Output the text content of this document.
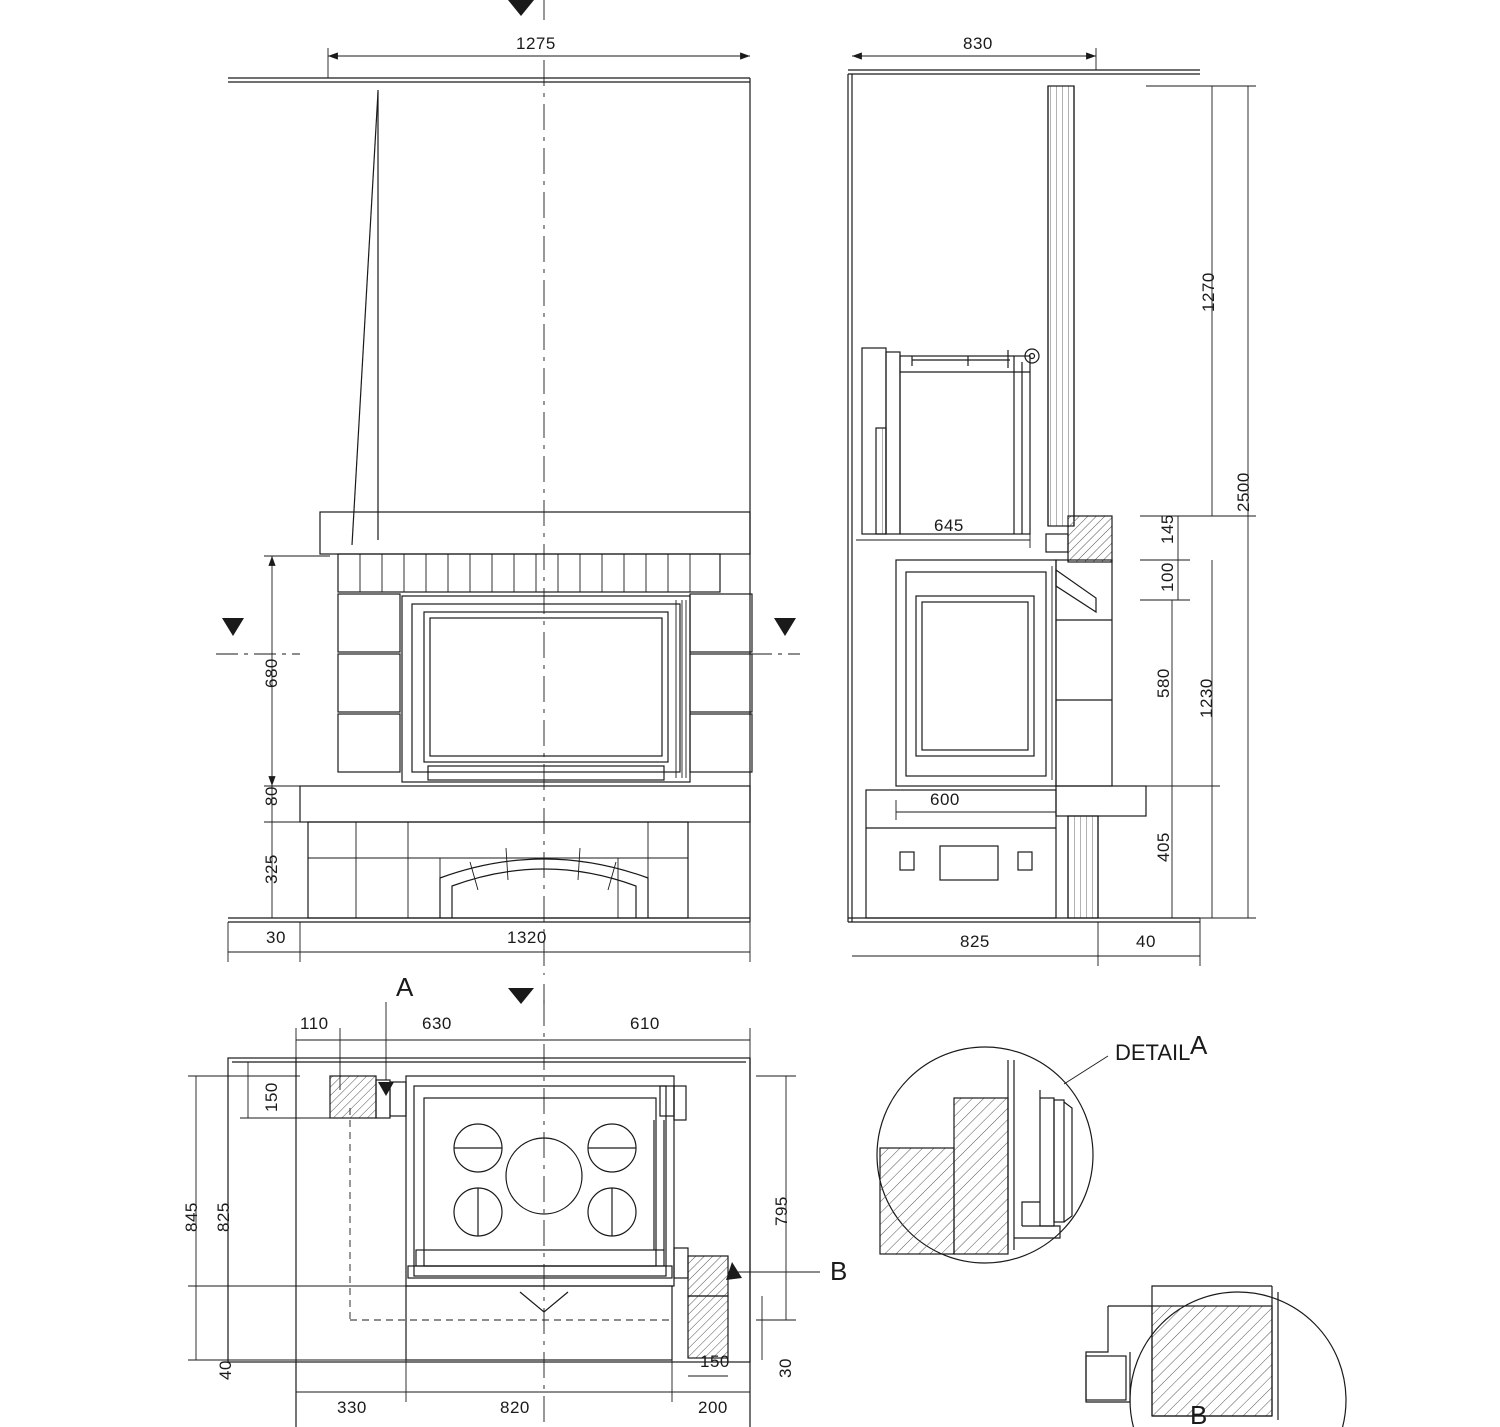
1275
30	1320
680
80
325
830
1270
2500
645	145
100
580 1230
600
405
825	40
110	630	610
150
845 825	795
40	150	30
330	820	200
DETAIL A
B
A
B
